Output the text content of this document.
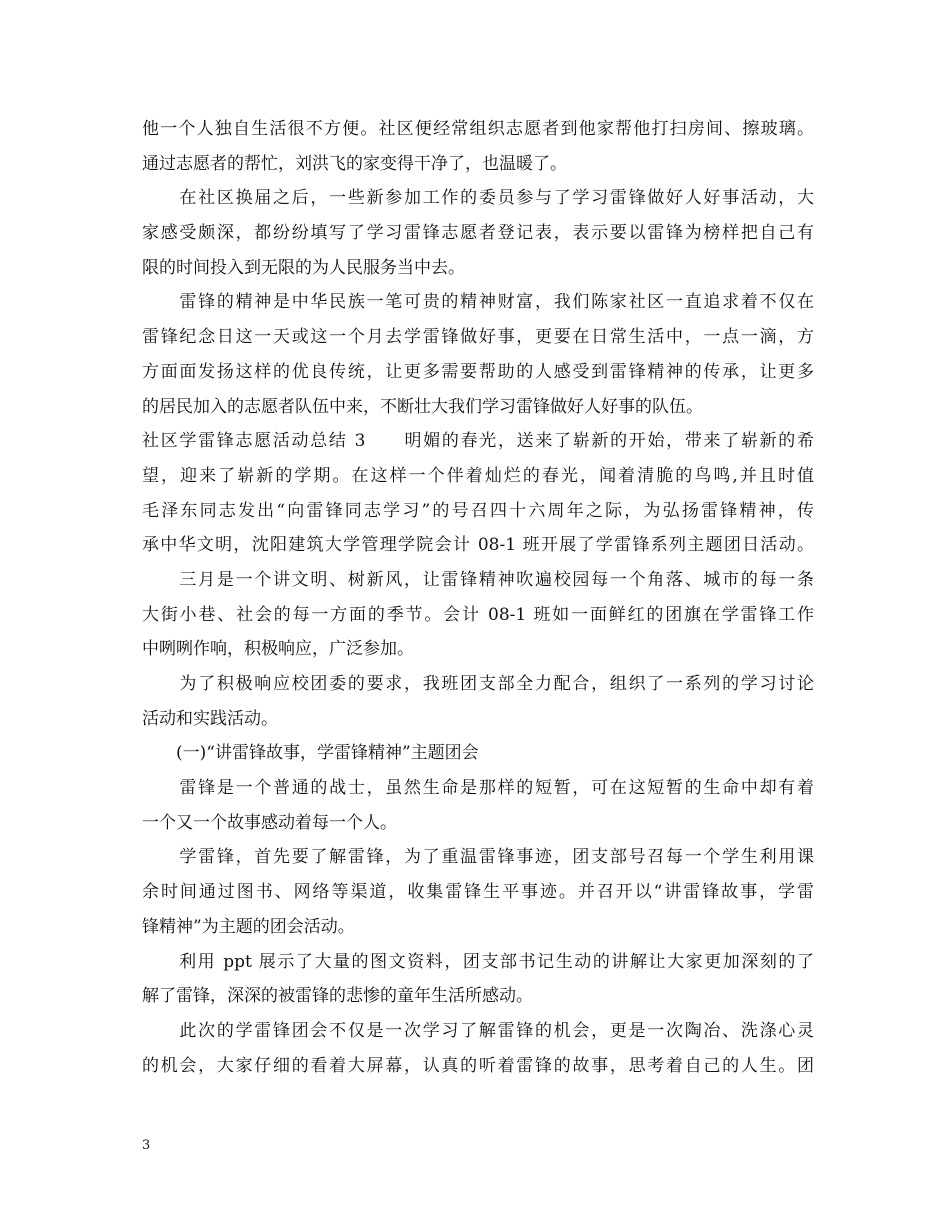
他一个人独自生活很不方便。社区便经常组织志愿者到他家帮他打扫房间、擦玻璃。
通过志愿者的帮忙，刘洪飞的家变得干净了，也温暖了。
　　在社区换届之后，一些新参加工作的委员参与了学习雷锋做好人好事活动，大
家感受颇深，都纷纷填写了学习雷锋志愿者登记表，表示要以雷锋为榜样把自己有
限的时间投入到无限的为人民服务当中去。
　　雷锋的精神是中华民族一笔可贵的精神财富，我们陈家社区一直追求着不仅在
雷锋纪念日这一天或这一个月去学雷锋做好事，更要在日常生活中，一点一滴，方
方面面发扬这样的优良传统，让更多需要帮助的人感受到雷锋精神的传承，让更多
的居民加入的志愿者队伍中来，不断壮大我们学习雷锋做好人好事的队伍。
社区学雷锋志愿活动总结 3　　明媚的春光，送来了崭新的开始，带来了崭新的希
望，迎来了崭新的学期。在这样一个伴着灿烂的春光，闻着清脆的鸟鸣,并且时值
毛泽东同志发出“向雷锋同志学习”的号召四十六周年之际，为弘扬雷锋精神，传
承中华文明，沈阳建筑大学管理学院会计 08-1 班开展了学雷锋系列主题团日活动。
　　三月是一个讲文明、树新风，让雷锋精神吹遍校园每一个角落、城市的每一条
大街小巷、社会的每一方面的季节。会计 08-1 班如一面鲜红的团旗在学雷锋工作
中咧咧作响，积极响应，广泛参加。
　　为了积极响应校团委的要求，我班团支部全力配合，组织了一系列的学习讨论
活动和实践活动。
　　(一)“讲雷锋故事，学雷锋精神”主题团会
　　雷锋是一个普通的战士，虽然生命是那样的短暂，可在这短暂的生命中却有着
一个又一个故事感动着每一个人。
　　学雷锋，首先要了解雷锋，为了重温雷锋事迹，团支部号召每一个学生利用课
余时间通过图书、网络等渠道，收集雷锋生平事迹。并召开以“讲雷锋故事，学雷
锋精神”为主题的团会活动。
　　利用 ppt 展示了大量的图文资料，团支部书记生动的讲解让大家更加深刻的了
解了雷锋，深深的被雷锋的悲惨的童年生活所感动。
　　此次的学雷锋团会不仅是一次学习了解雷锋的机会，更是一次陶冶、洗涤心灵
的机会，大家仔细的看着大屏幕，认真的听着雷锋的故事，思考着自己的人生。团
3
